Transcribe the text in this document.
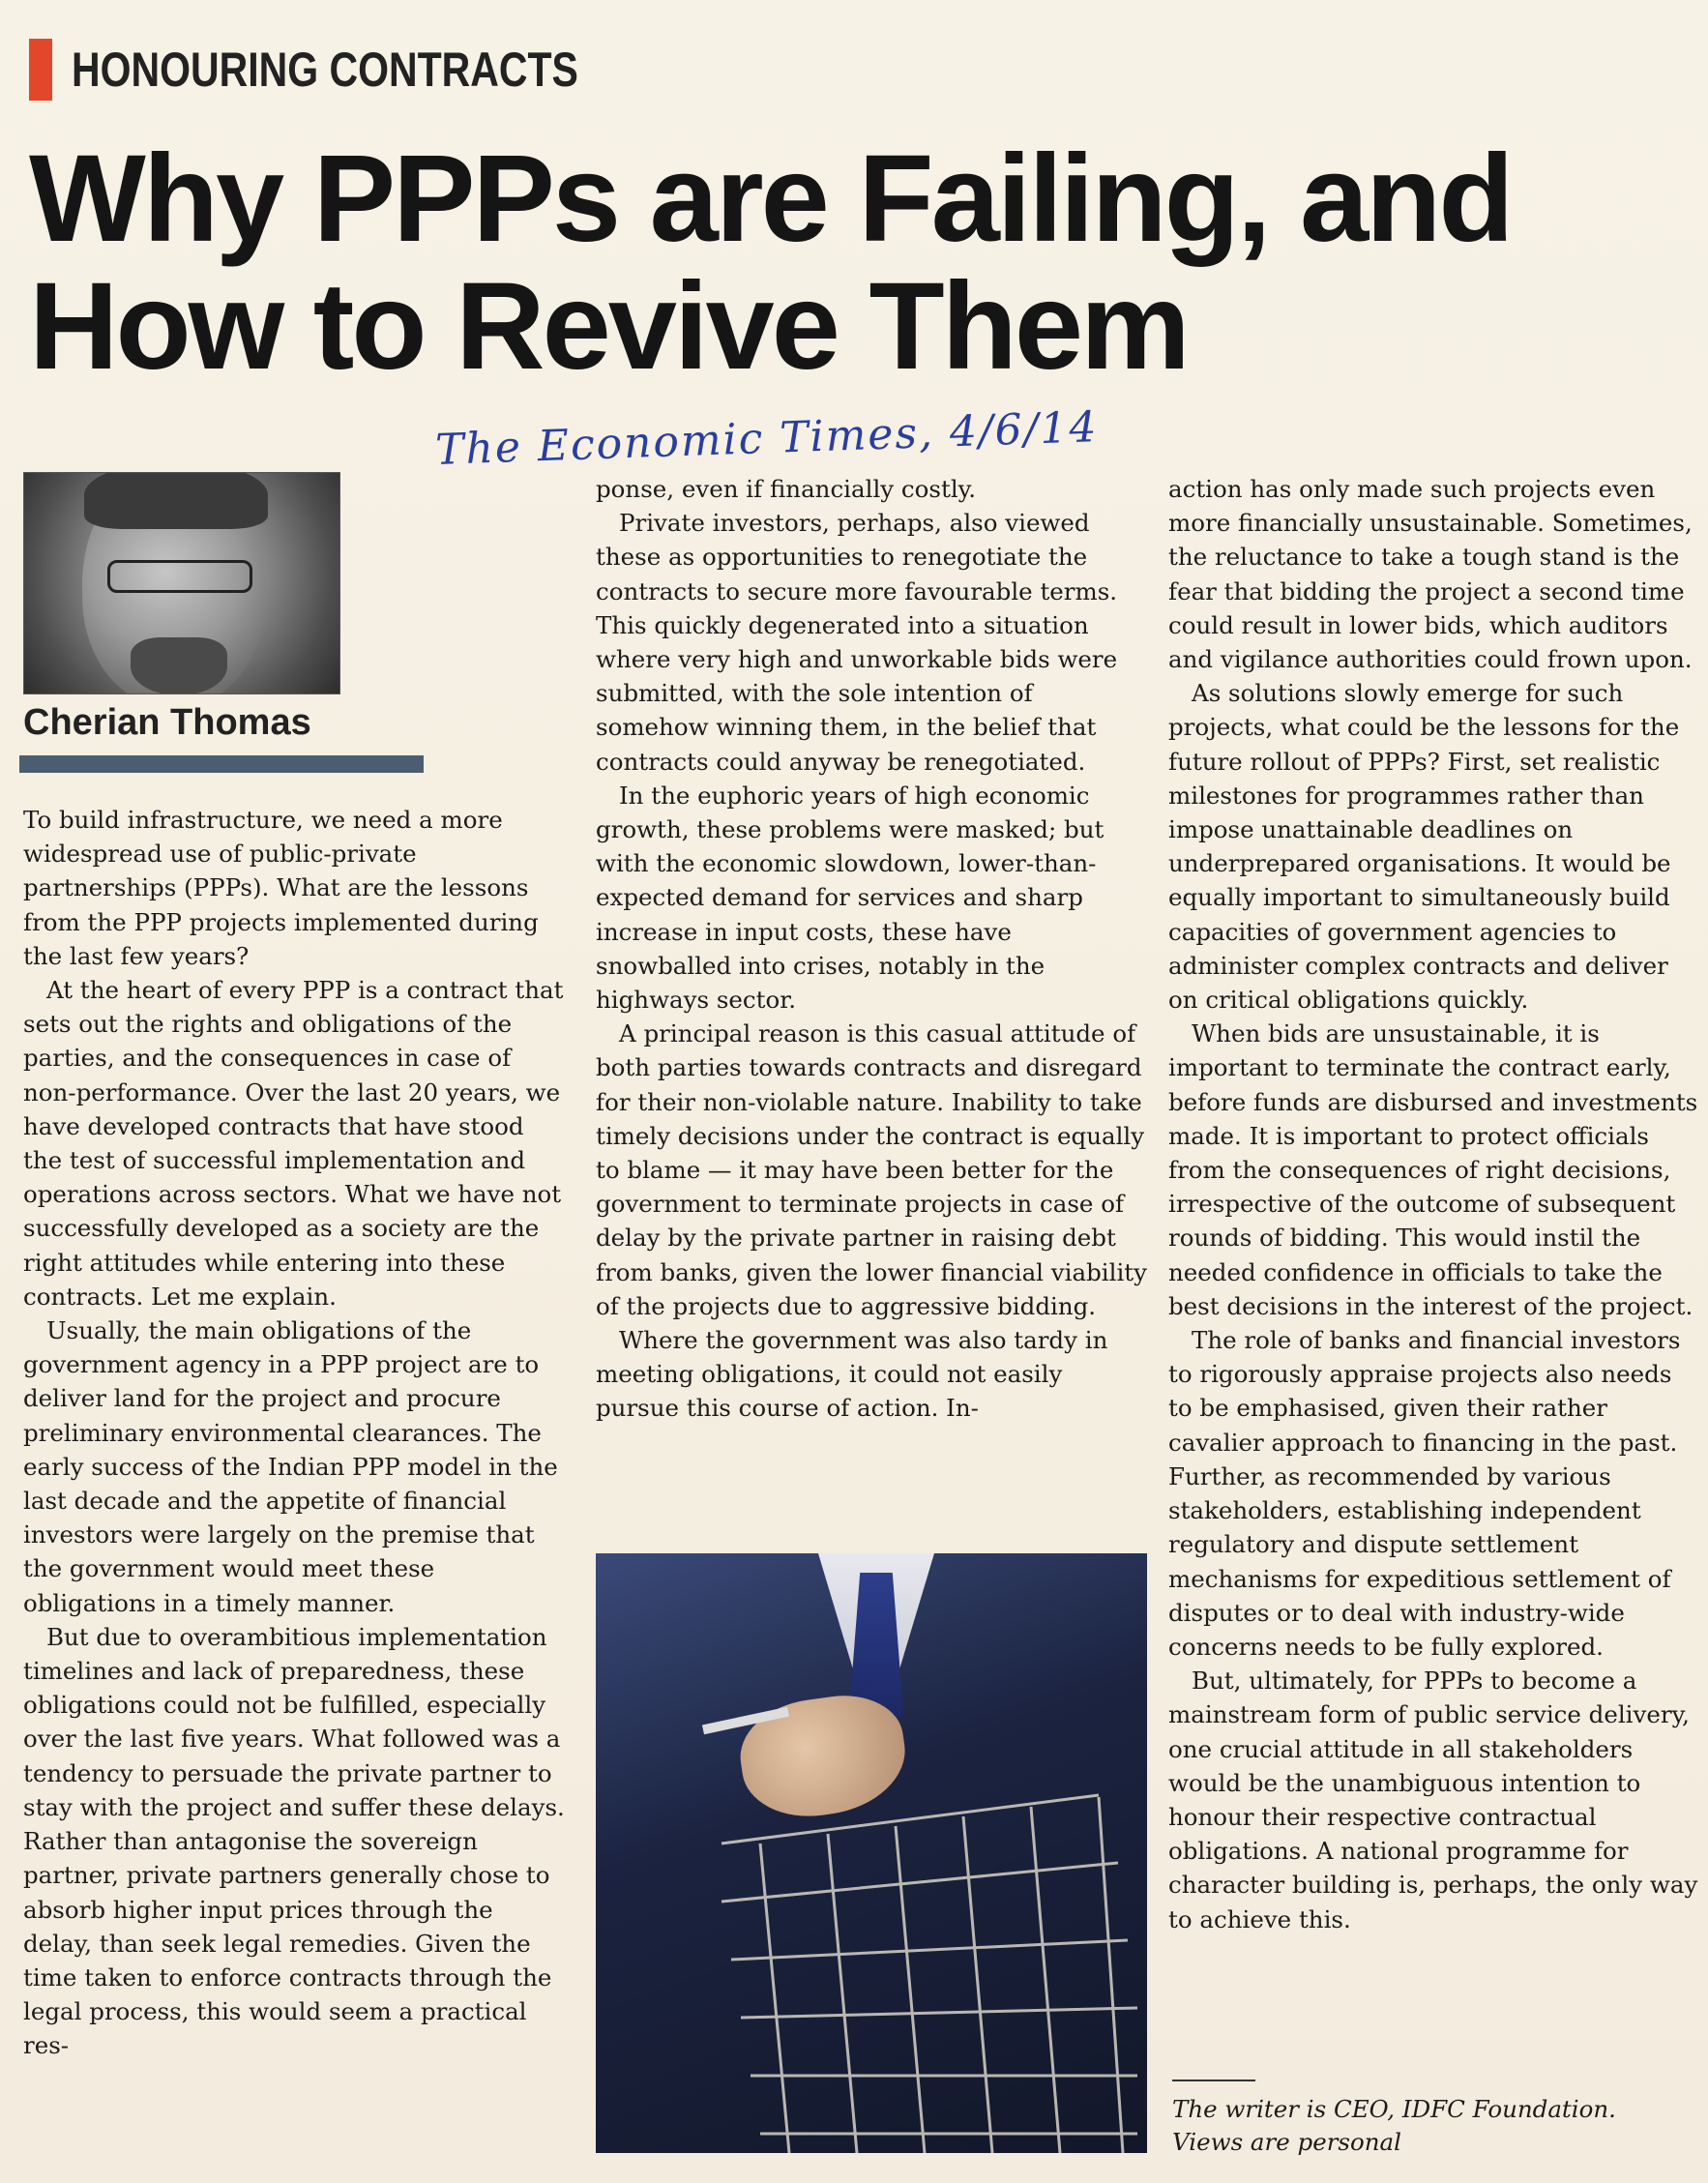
HONOURING CONTRACTS
Why PPPs are Failing, and
How to Revive Them
The Economic Times, 4/6/14
Cherian Thomas

To build infrastructure, we need a more widespread use of public-private partnerships (PPPs). What are the lessons from the PPP projects implemented during the last few years?

At the heart of every PPP is a contract that sets out the rights and obligations of the parties, and the consequences in case of non-performance. Over the last 20 years, we have developed contracts that have stood the test of successful implementation and operations across sectors. What we have not successfully developed as a society are the right attitudes while entering into these contracts. Let me explain.

Usually, the main obligations of the government agency in a PPP project are to deliver land for the project and procure preliminary environmental clearances. The early success of the Indian PPP model in the last decade and the appetite of financial investors were largely on the premise that the government would meet these obligations in a timely manner.

But due to overambitious implementation timelines and lack of preparedness, these obligations could not be fulfilled, especially over the last five years. What followed was a tendency to persuade the private partner to stay with the project and suffer these delays. Rather than antagonise the sovereign partner, private partners generally chose to absorb higher input prices through the delay, than seek legal remedies. Given the time taken to enforce contracts through the legal process, this would seem a practical res-

ponse, even if financially costly.

Private investors, perhaps, also viewed these as opportunities to renegotiate the contracts to secure more favourable terms. This quickly degenerated into a situation where very high and unworkable bids were submitted, with the sole intention of somehow winning them, in the belief that contracts could anyway be renegotiated.

In the euphoric years of high economic growth, these problems were masked; but with the economic slowdown, lower-than-expected demand for services and sharp increase in input costs, these have snowballed into crises, notably in the highways sector.

A principal reason is this casual attitude of both parties towards contracts and disregard for their non-violable nature. Inability to take timely decisions under the contract is equally to blame — it may have been better for the government to terminate projects in case of delay by the private partner in raising debt from banks, given the lower financial viability of the projects due to aggressive bidding.

Where the government was also tardy in meeting obligations, it could not easily pursue this course of action. In-

action has only made such projects even more financially unsustainable. Sometimes, the reluctance to take a tough stand is the fear that bidding the project a second time could result in lower bids, which auditors and vigilance authorities could frown upon.

As solutions slowly emerge for such projects, what could be the lessons for the future rollout of PPPs? First, set realistic milestones for programmes rather than impose unattainable deadlines on underprepared organisations. It would be equally important to simultaneously build capacities of government agencies to administer complex contracts and deliver on critical obligations quickly.

When bids are unsustainable, it is important to terminate the contract early, before funds are disbursed and investments made. It is important to protect officials from the consequences of right decisions, irrespective of the outcome of subsequent rounds of bidding. This would instil the needed confidence in officials to take the best decisions in the interest of the project.

The role of banks and financial investors to rigorously appraise projects also needs to be emphasised, given their rather cavalier approach to financing in the past. Further, as recommended by various stakeholders, establishing independent regulatory and dispute settlement mechanisms for expeditious settlement of disputes or to deal with industry-wide concerns needs to be fully explored.

But, ultimately, for PPPs to become a mainstream form of public service delivery, one crucial attitude in all stakeholders would be the unambiguous intention to honour their respective contractual obligations. A national programme for character building is, perhaps, the only way to achieve this.

The writer is CEO, IDFC Foundation.
Views are personal
